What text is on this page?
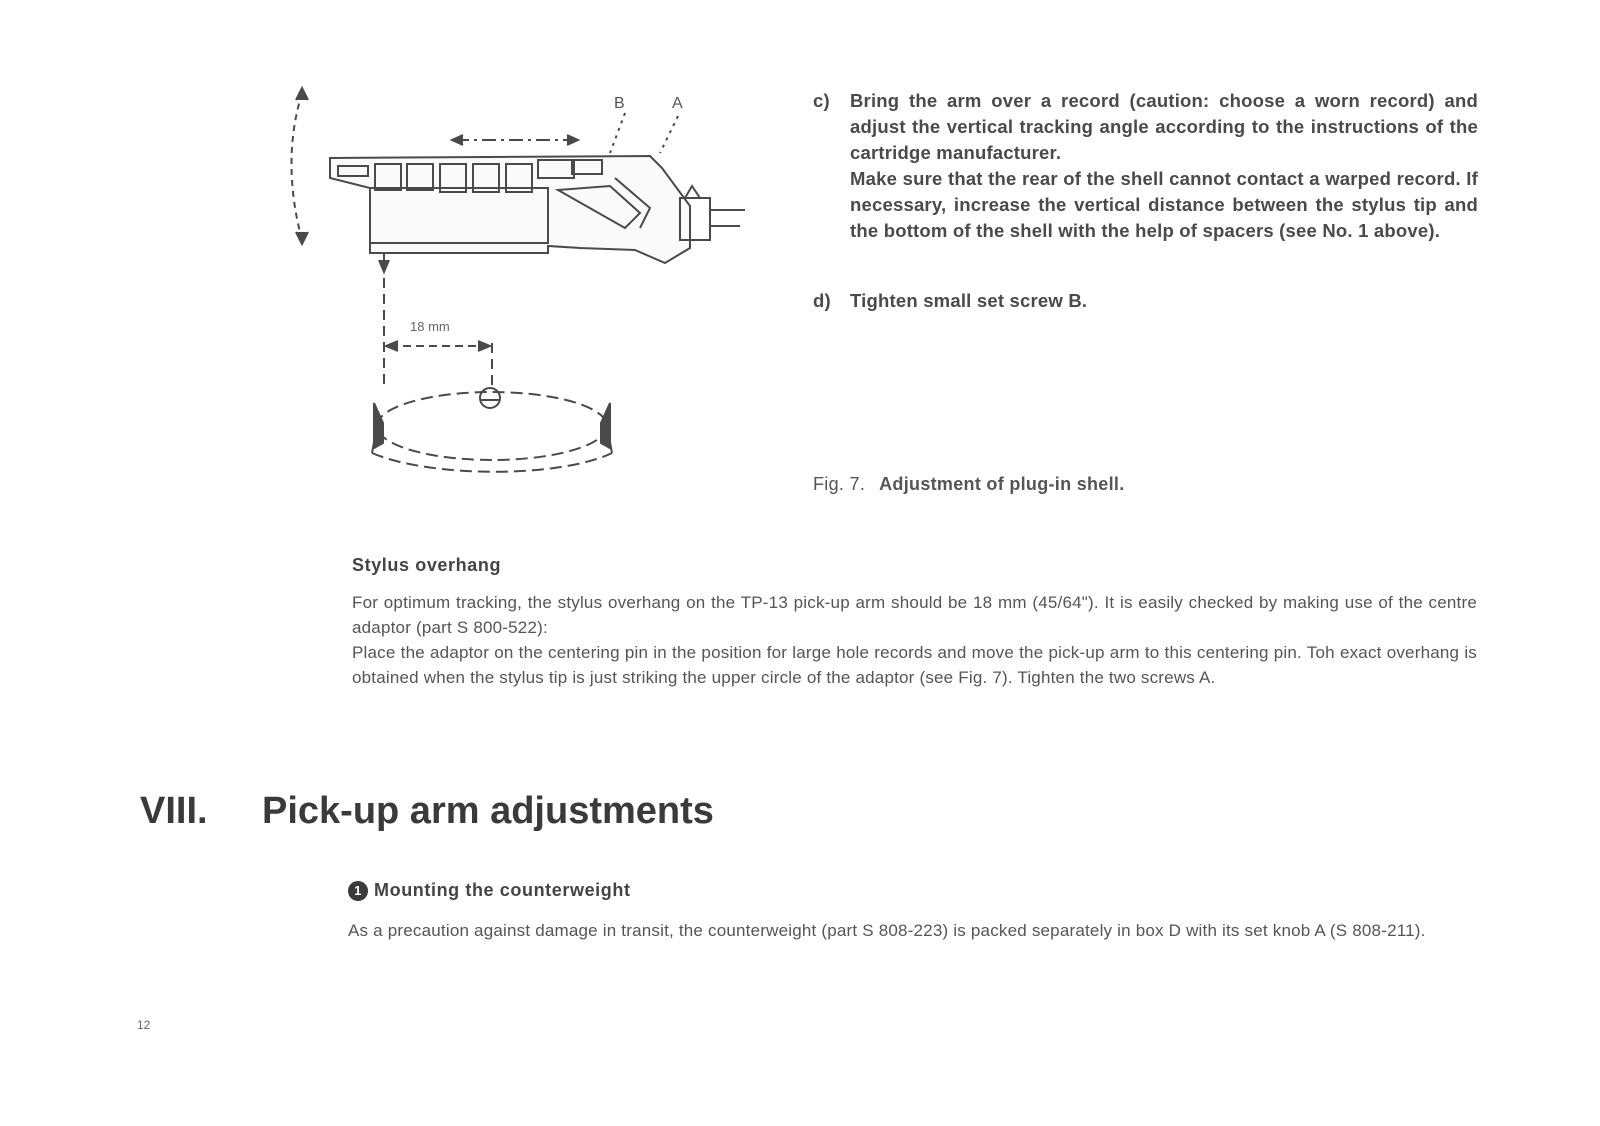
B	A
18 mm
c) Bring the arm over a record (caution: choose a worn record) and adjust the vertical tracking angle according to the instructions of the cartridge manufacturer.
Make sure that the rear of the shell cannot contact a warped record. If necessary, increase the vertical distance between the stylus tip and the bottom of the shell with the help of spacers (see No. 1 above).
d) Tighten small set screw B.
Fig. 7. Adjustment of plug-in shell.
Stylus overhang
For optimum tracking, the stylus overhang on the TP-13 pick-up arm should be 18 mm (45/64"). It is easily checked by making use of the centre adaptor (part S 800-522):
Place the adaptor on the centering pin in the position for large hole records and move the pick-up arm to this centering pin. Toh exact overhang is obtained when the stylus tip is just striking the upper circle of the adaptor (see Fig. 7). Tighten the two screws A.
VIII. Pick-up arm adjustments
1 Mounting the counterweight
As a precaution against damage in transit, the counterweight (part S 808-223) is packed separately in box D with its set knob A (S 808-211).
12
